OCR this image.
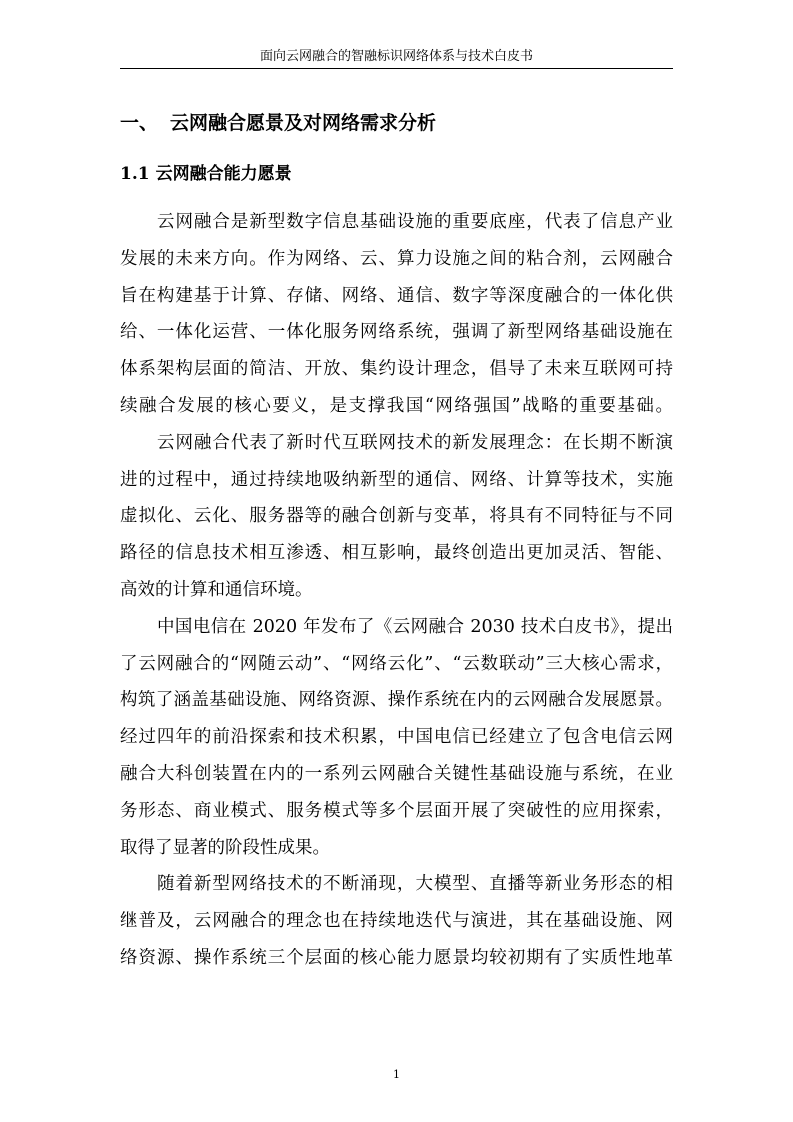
面向云网融合的智融标识网络体系与技术白皮书
一、 云网融合愿景及对网络需求分析
1.1 云网融合能力愿景
云网融合是新型数字信息基础设施的重要底座，代表了信息产业
发展的未来方向。作为网络、云、算力设施之间的粘合剂，云网融合
旨在构建基于计算、存储、网络、通信、数字等深度融合的一体化供
给、一体化运营、一体化服务网络系统，强调了新型网络基础设施在
体系架构层面的简洁、开放、集约设计理念，倡导了未来互联网可持
续融合发展的核心要义，是支撑我国“网络强国”战略的重要基础。
云网融合代表了新时代互联网技术的新发展理念：在长期不断演
进的过程中，通过持续地吸纳新型的通信、网络、计算等技术，实施
虚拟化、云化、服务器等的融合创新与变革，将具有不同特征与不同
路径的信息技术相互渗透、相互影响，最终创造出更加灵活、智能、
高效的计算和通信环境。
中国电信在 2020 年发布了《云网融合 2030 技术白皮书》，提出
了云网融合的“网随云动”、“网络云化”、“云数联动”三大核心需求，
构筑了涵盖基础设施、网络资源、操作系统在内的云网融合发展愿景。
经过四年的前沿探索和技术积累，中国电信已经建立了包含电信云网
融合大科创装置在内的一系列云网融合关键性基础设施与系统，在业
务形态、商业模式、服务模式等多个层面开展了突破性的应用探索，
取得了显著的阶段性成果。
随着新型网络技术的不断涌现，大模型、直播等新业务形态的相
继普及，云网融合的理念也在持续地迭代与演进，其在基础设施、网
络资源、操作系统三个层面的核心能力愿景均较初期有了实质性地革
1
